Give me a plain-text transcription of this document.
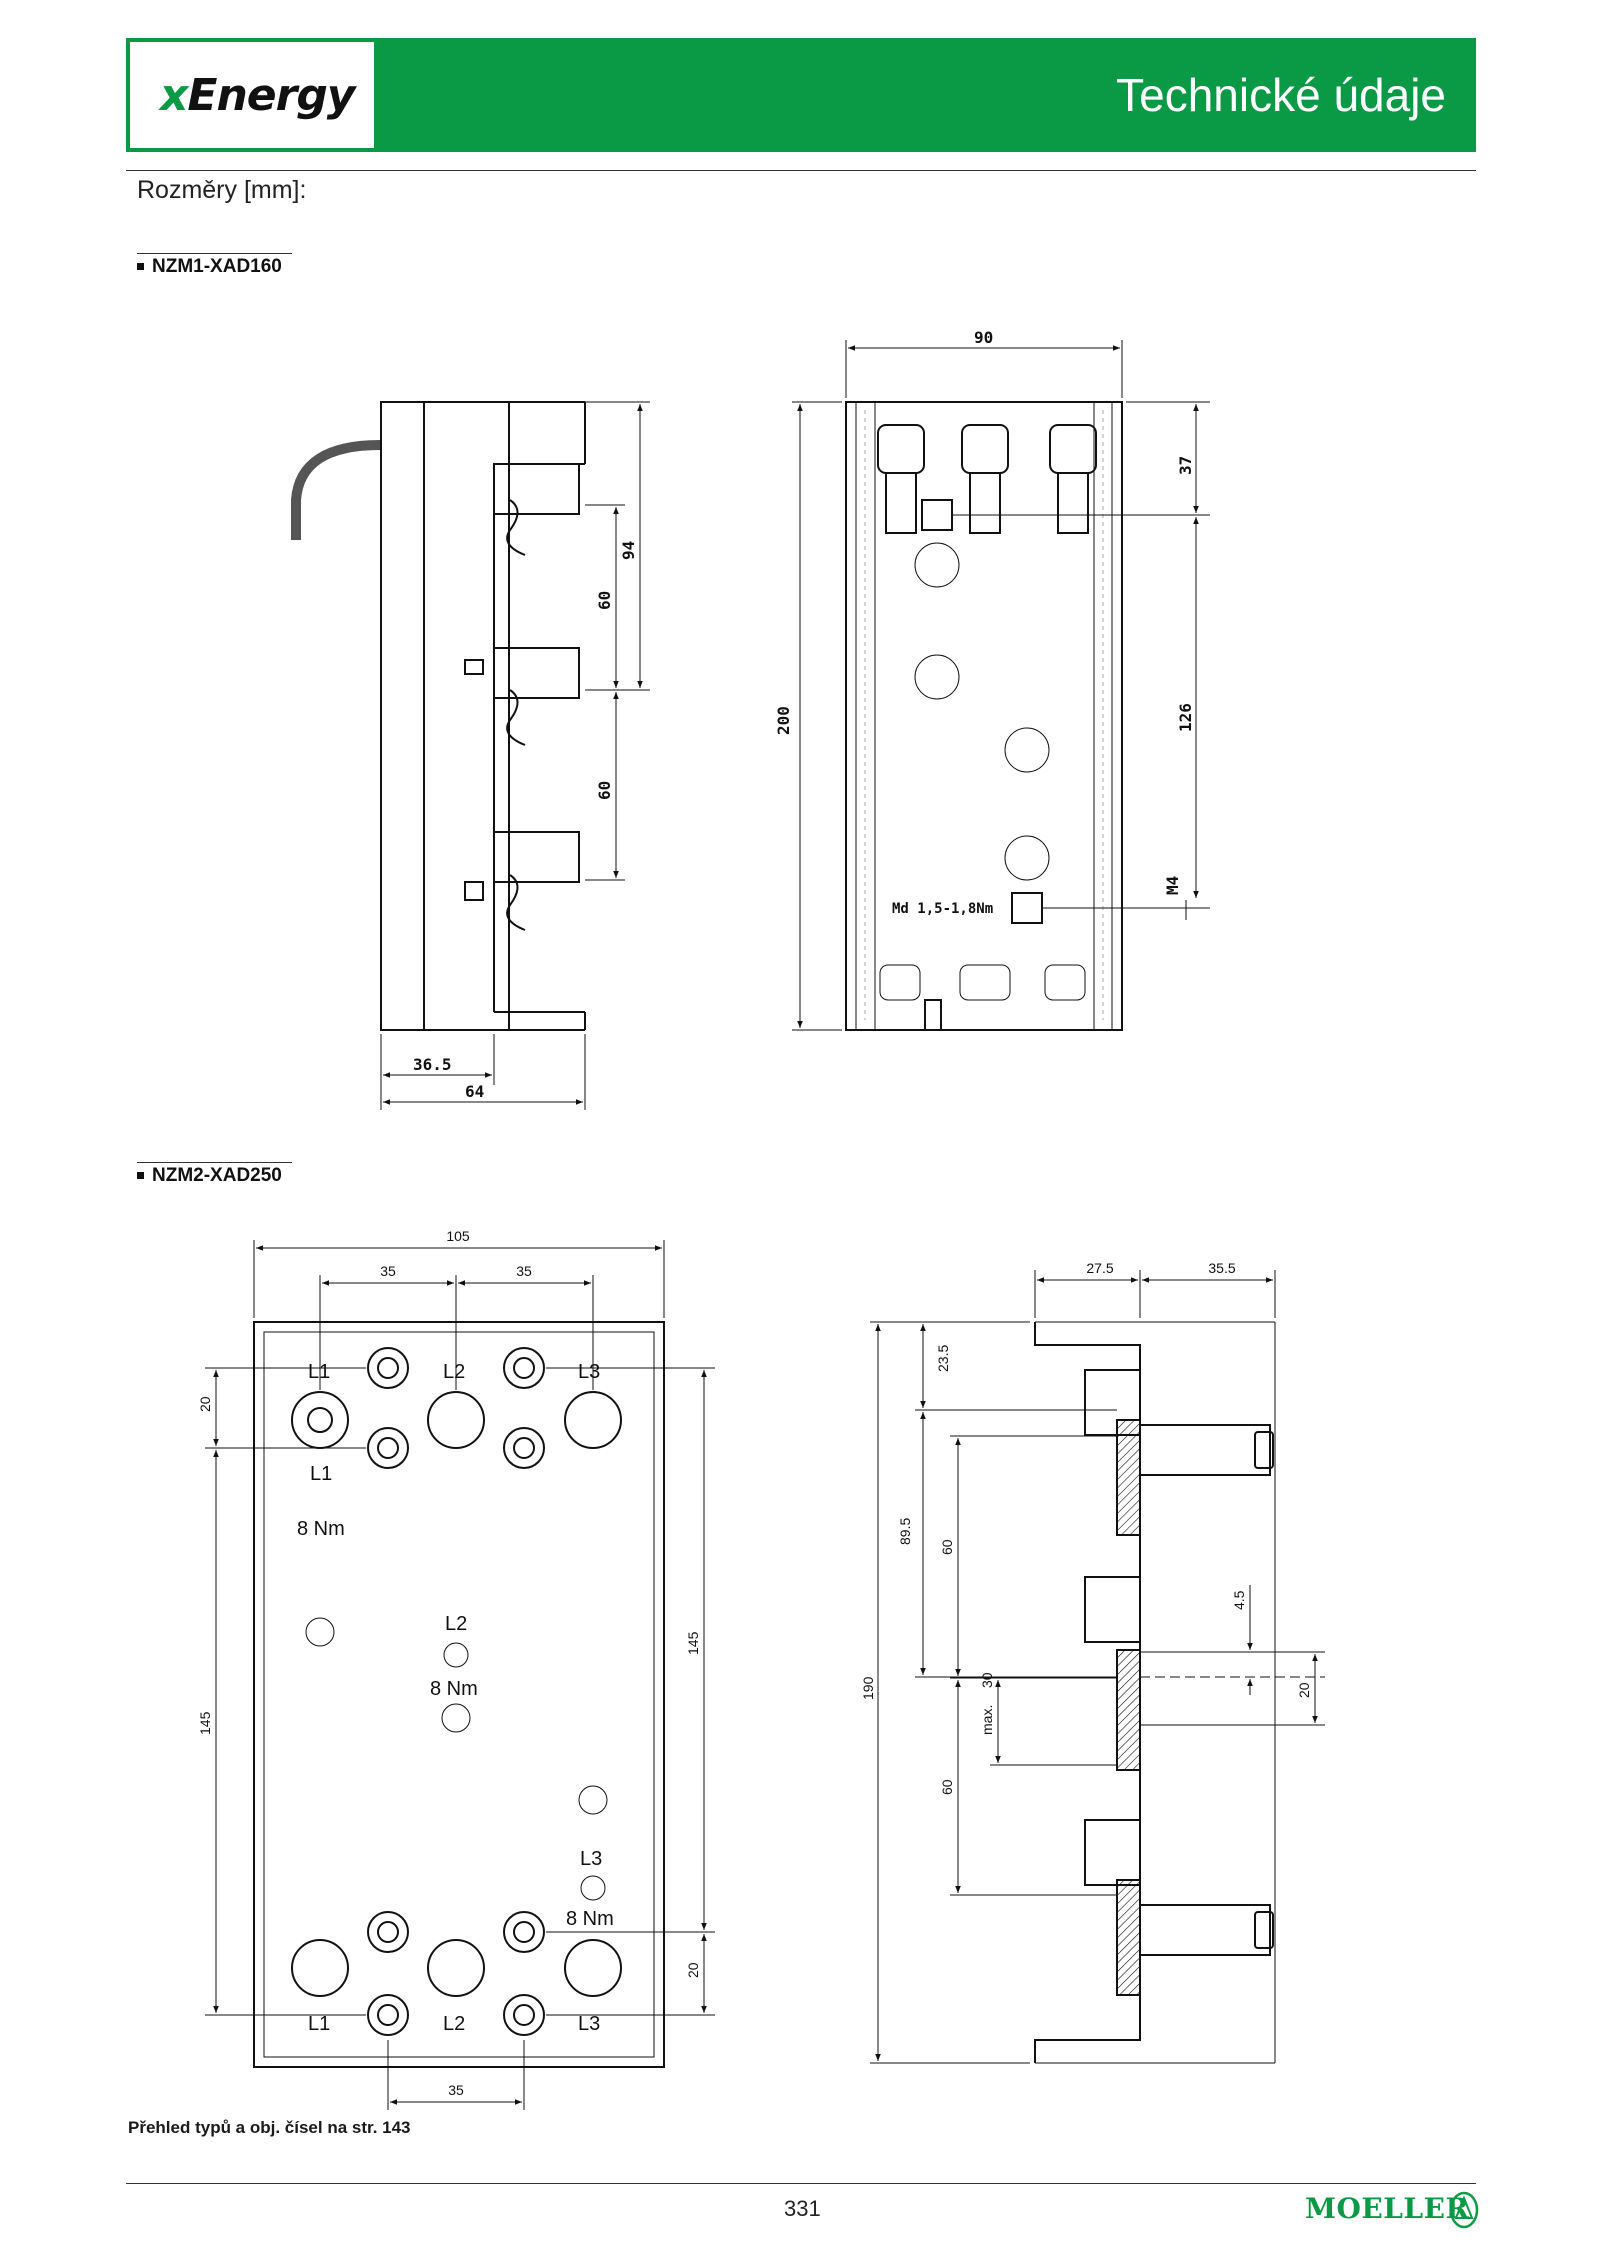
xEnergy	Technické údaje
Rozměry [mm]:
NZM1-XAD160
NZM2-XAD250
36.5
64
94
60
60
90
200
37
126
M4
Md 1,5-1,8Nm
105
35	35
20
145
145
20
35
L1	L2	L3
L1
8 Nm
L2
8 Nm
L3
8 Nm
L1	L2	L3
27.5	35.5
23.5
89.5
60
190
max.
30
60
4.5
20
Přehled typů a obj. čísel na str. 143
331	MOELLER
